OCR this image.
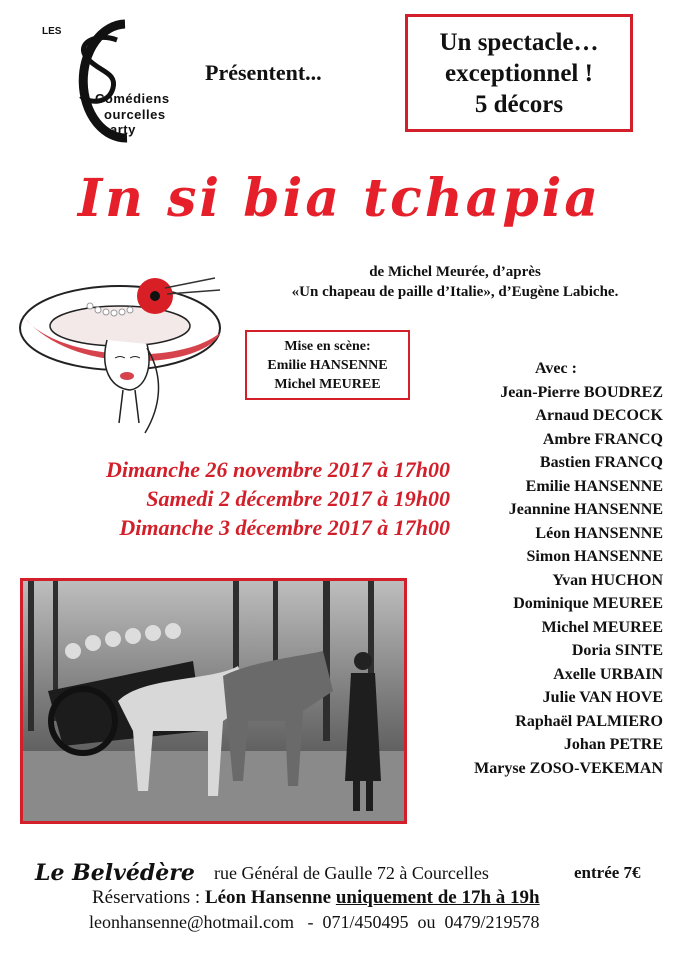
LES
Comédiens
ourcelles
arty
Présentent...
Un spectacle…
exceptionnel !
5 décors
In si bia tchapia
de Michel Meurée, d’après
«Un chapeau de paille d’Italie», d’Eugène Labiche.
Mise en scène:
Emilie HANSENNE
Michel MEUREE
Dimanche 26 novembre 2017 à 17h00
Samedi 2 décembre 2017 à 19h00
Dimanche 3 décembre 2017 à 17h00
Avec :
Jean-Pierre BOUDREZ
Arnaud DECOCK
Ambre FRANCQ
Bastien FRANCQ
Emilie HANSENNE
Jeannine HANSENNE
Léon HANSENNE
Simon HANSENNE
Yvan HUCHON
Dominique MEUREE
Michel MEUREE
Doria SINTE
Axelle URBAIN
Julie VAN HOVE
Raphaël PALMIERO
Johan PETRE
Maryse ZOSO-VEKEMAN
Le Belvédère rue Général de Gaulle 72 à Courcelles	entrée 7€
Réservations : Léon Hansenne uniquement de 17h à 19h
leonhansenne@hotmail.com - 071/450495 ou 0479/219578
